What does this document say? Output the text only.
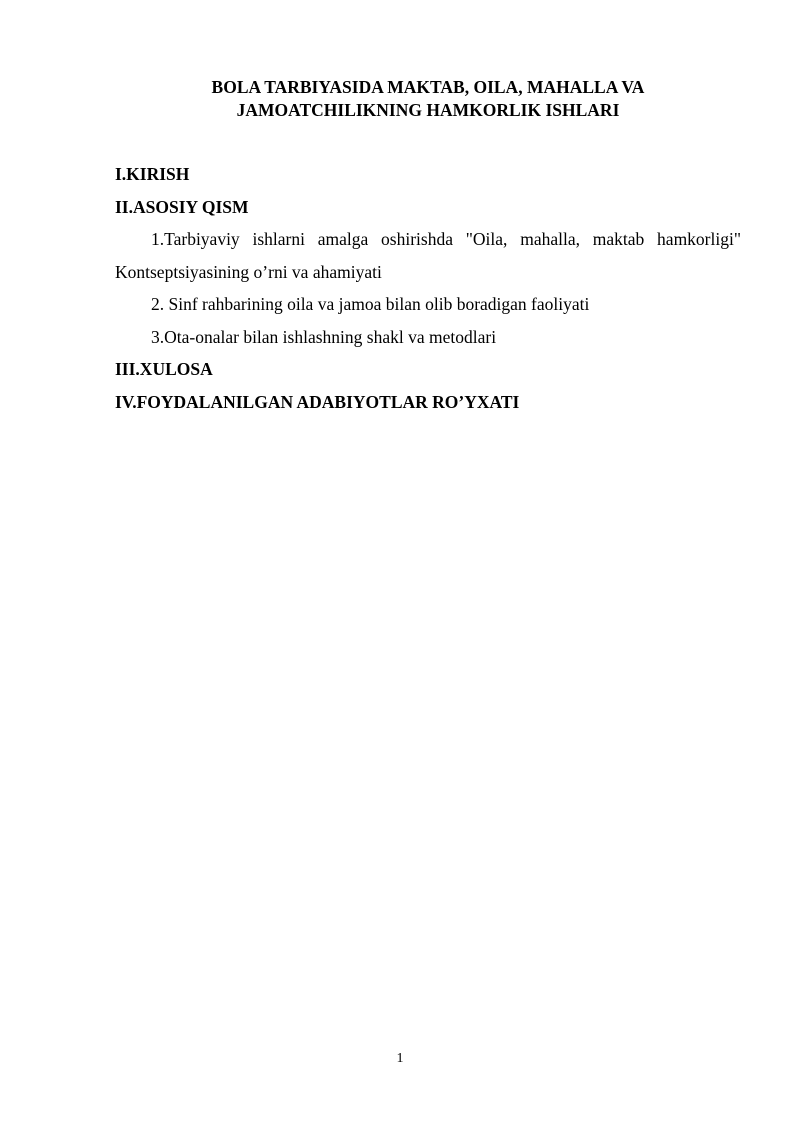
BOLA TARBIYASIDA MAKTAB, OILA, MAHALLA VA
JAMOATCHILIKNING HAMKORLIK ISHLARI
I.KIRISH
II.ASOSIY QISM
1.Tarbiyaviy ishlarni amalga oshirishda "Oila, mahalla, maktab hamkorligi"
Kontseptsiyasining o’rni va ahamiyati
2. Sinf rahbarining oila va jamoa bilan olib boradigan faoliyati
3.Ota-onalar bilan ishlashning shakl va metodlari
III.XULOSA
IV.FOYDALANILGAN ADABIYOTLAR RO’YXATI
1
